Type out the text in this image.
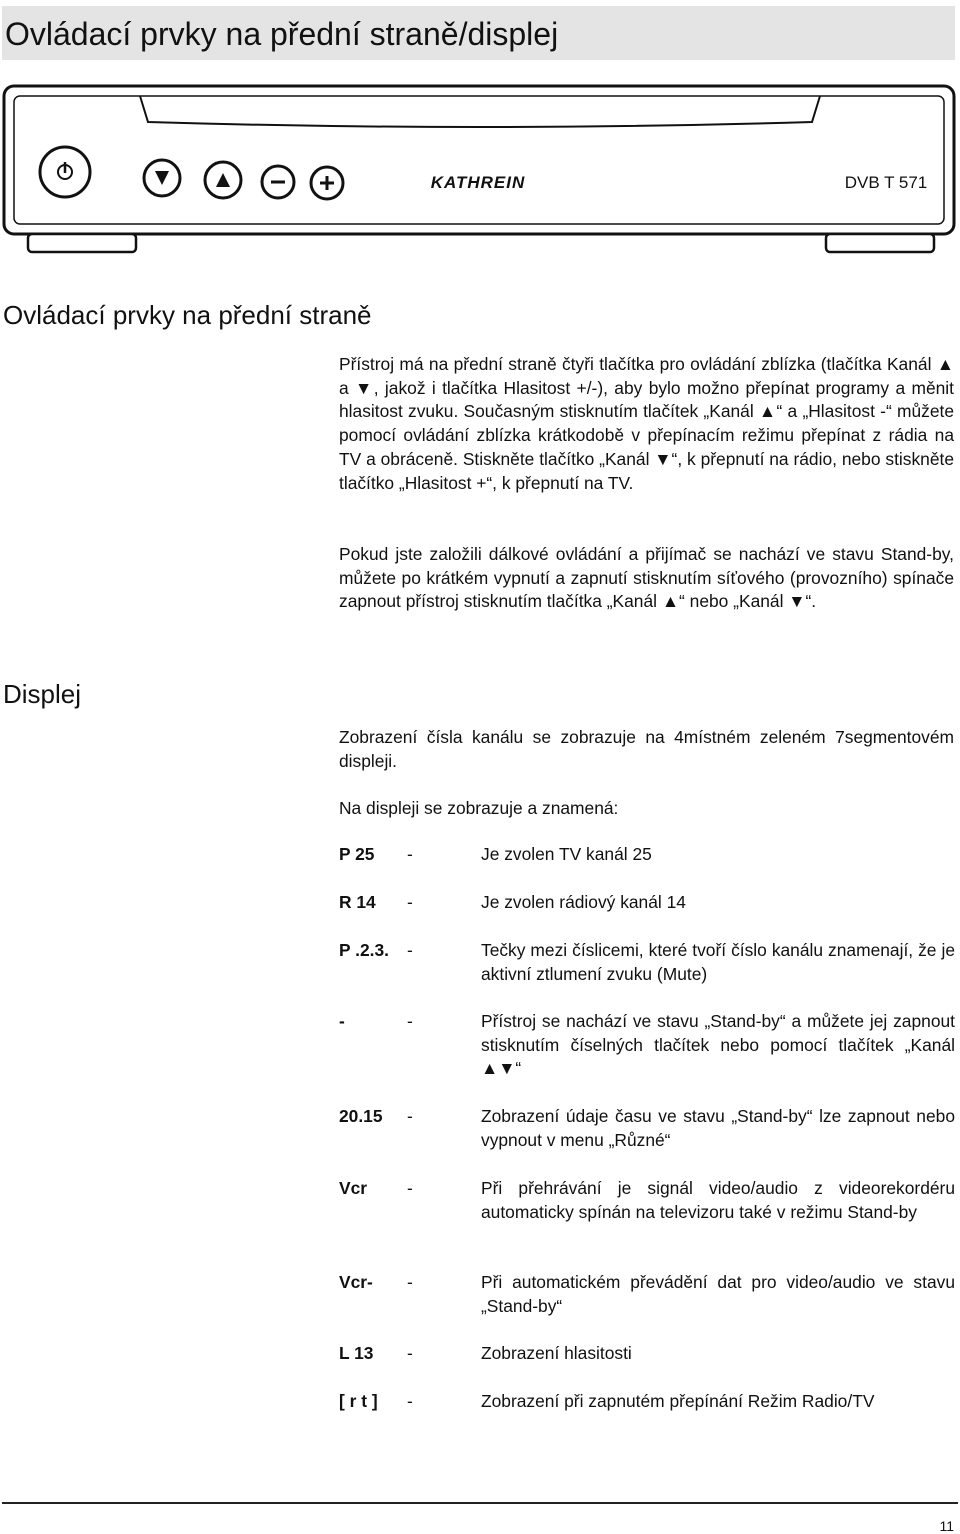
Ovládací prvky na přední straně/displej
KATHREIN	DVB T 571
Ovládací prvky na přední straně

Přístroj má na přední straně čtyři tlačítka pro ovládání zblízka (tlačítka Kanál ▲ a ▼, jakož i tlačítka Hlasitost +/-), aby bylo možno přepínat programy a měnit hlasitost zvuku. Současným stisknutím tlačítek „Kanál ▲“ a „Hlasitost -“ můžete pomocí ovládání zblízka krátkodobě v přepínacím režimu přepínat z rádia na TV a obráceně. Stiskněte tlačítko „Kanál ▼“, k přepnutí na rádio, nebo stiskněte tlačítko „Hlasitost +“, k přepnutí na TV.

Pokud jste založili dálkové ovládání a přijímač se nachází ve stavu Stand-by, můžete po krátkém vypnutí a zapnutí stisknutím síťového (provozního) spínače zapnout přístroj stisknutím tlačítka „Kanál ▲“ nebo „Kanál ▼“.

Displej

Zobrazení čísla kanálu se zobrazuje na 4místném zeleném 7segmentovém displeji.

Na displeji se zobrazuje a znamená:

P 25 -	Je zvolen TV kanál 25
R 14 -	Je zvolen rádiový kanál 14
P .2.3. -	Tečky mezi číslicemi, které tvoří číslo kanálu znamenají, že je aktivní ztlumení zvuku (Mute)
-	-	Přístroj se nachází ve stavu „Stand-by“ a můžete jej zapnout stisknutím číselných tlačítek nebo pomocí tlačítek „Kanál ▲▼“
20.15 -	Zobrazení údaje času ve stavu „Stand-by“ lze zapnout nebo vypnout v menu „Různé“
Vcr -	Při přehrávání je signál video/audio z videorekordéru automaticky spínán na televizoru také v režimu Stand-by
Vcr- -	Při automatickém převádění dat pro video/audio ve stavu „Stand-by“
L 13 -	Zobrazení hlasitosti
[ r t ] -	Zobrazení při zapnutém přepínání Režim Radio/TV
11
